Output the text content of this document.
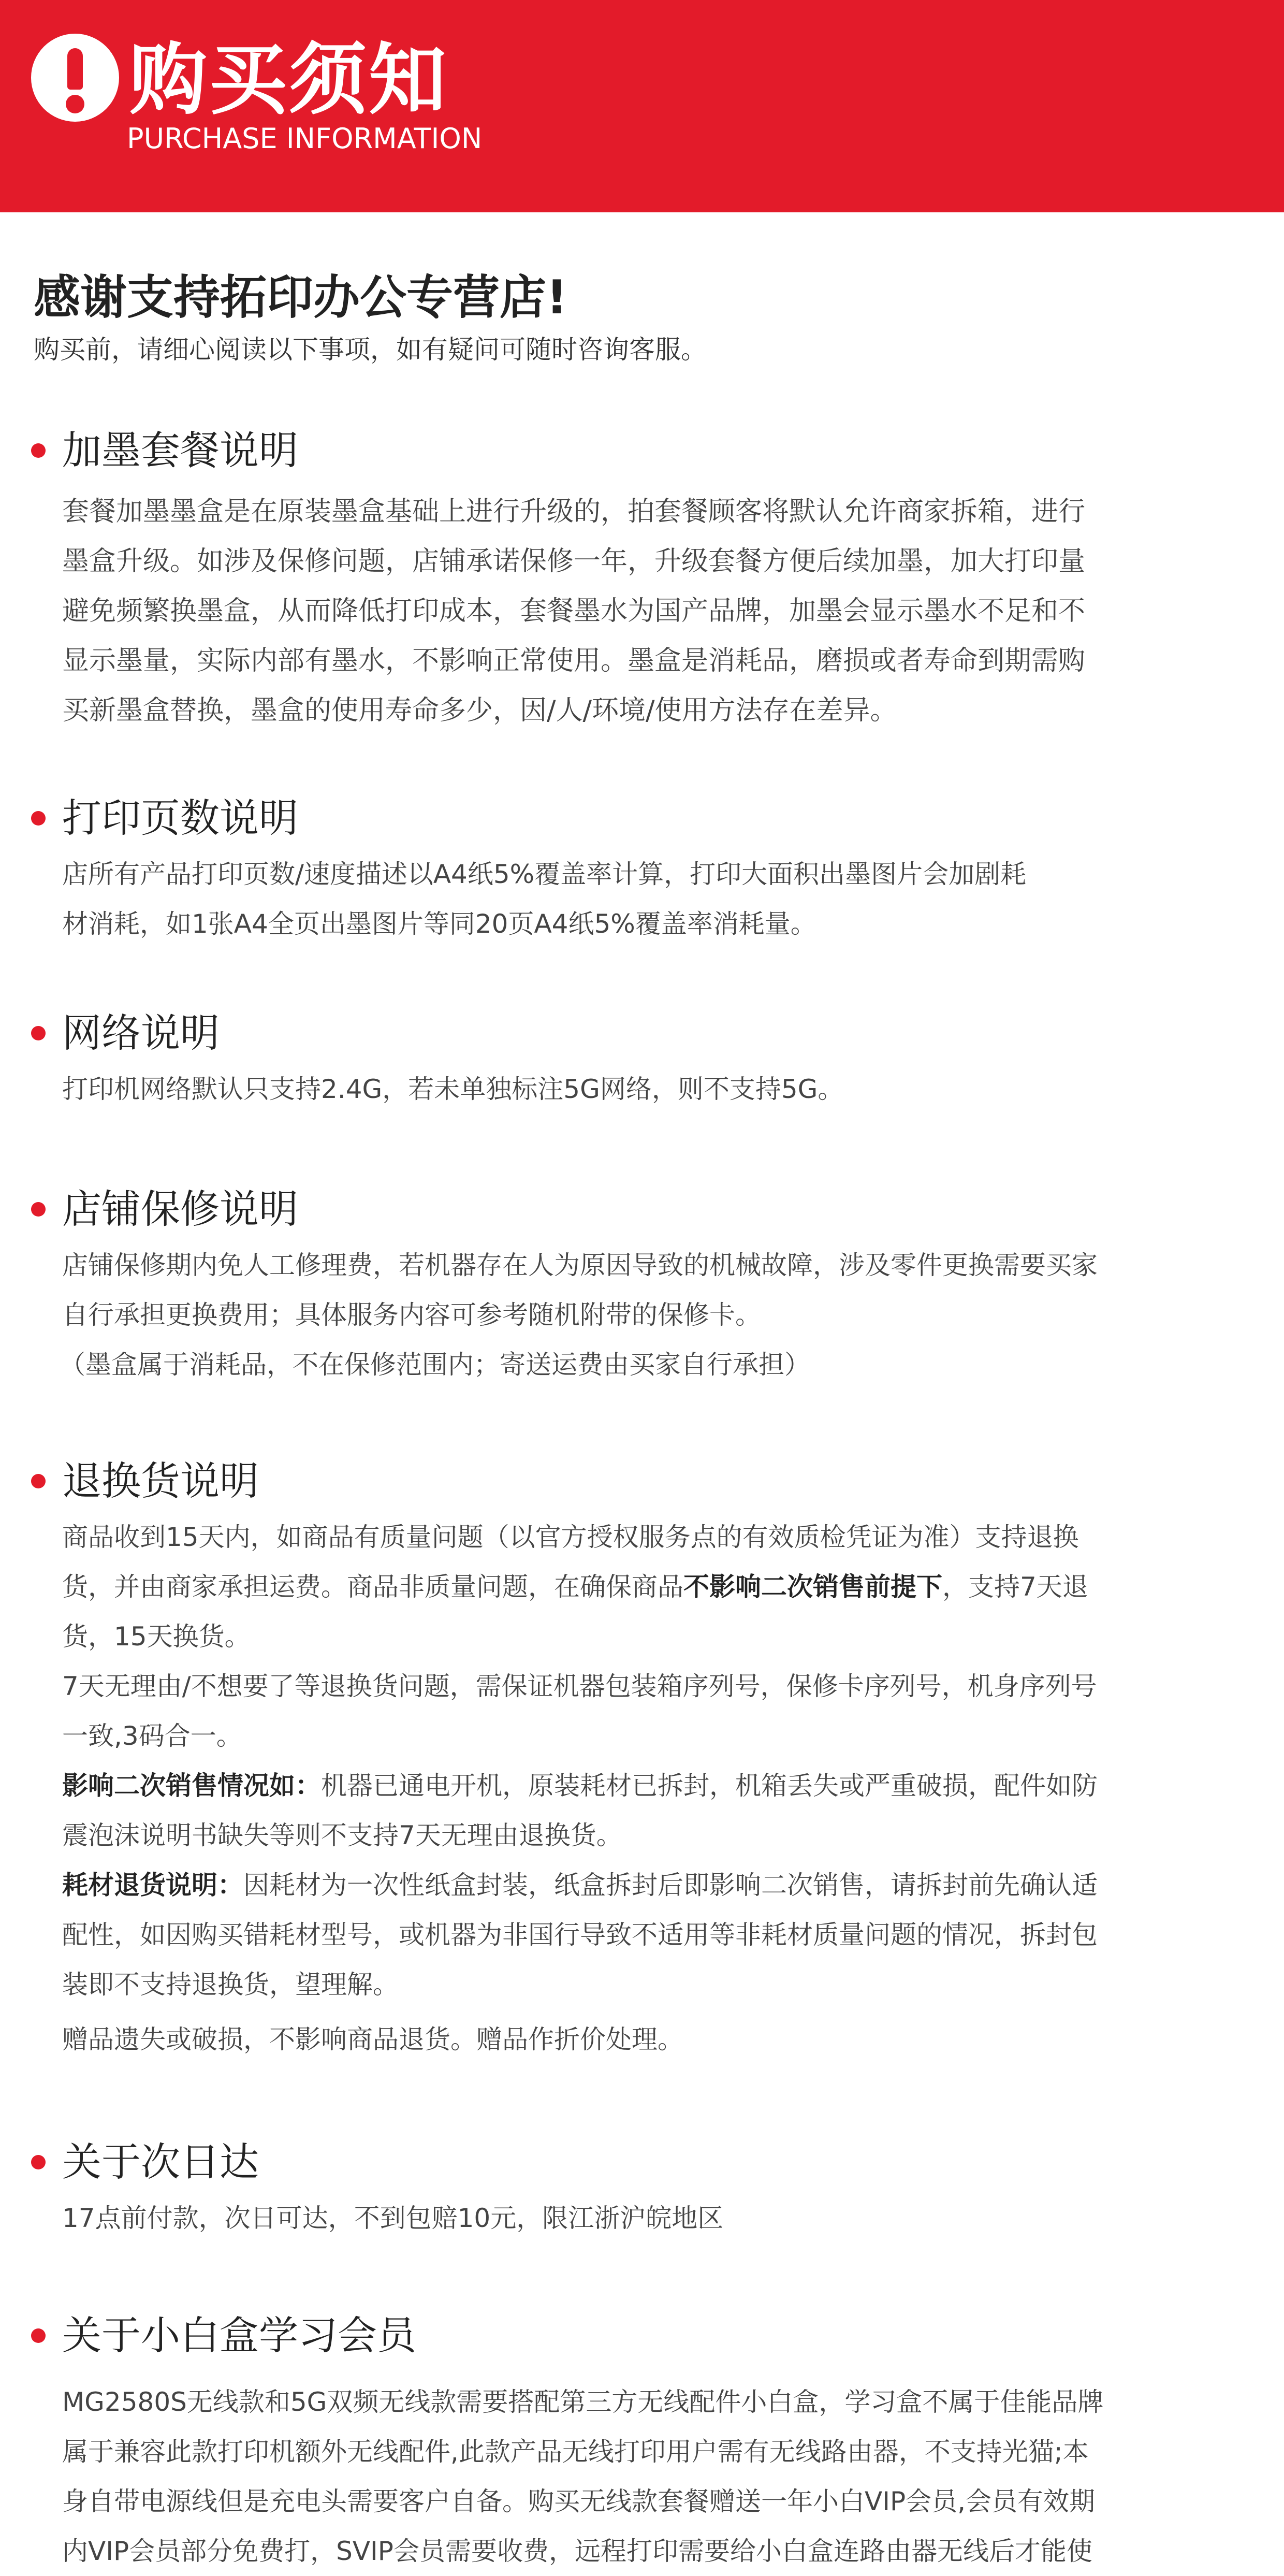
购买须知
PURCHASE INFORMATION
感谢支持拓印办公专营店!
购买前，请细心阅读以下事项，如有疑问可随时咨询客服。
加墨套餐说明
套餐加墨墨盒是在原装墨盒基础上进行升级的，拍套餐顾客将默认允许商家拆箱，进行
墨盒升级。如涉及保修问题，店铺承诺保修一年，升级套餐方便后续加墨，加大打印量
避免频繁换墨盒，从而降低打印成本，套餐墨水为国产品牌，加墨会显示墨水不足和不
显示墨量，实际内部有墨水，不影响正常使用。墨盒是消耗品，磨损或者寿命到期需购
买新墨盒替换，墨盒的使用寿命多少，因/人/环境/使用方法存在差异。
打印页数说明
店所有产品打印页数/速度描述以A4纸5%覆盖率计算，打印大面积出墨图片会加剧耗
材消耗，如1张A4全页出墨图片等同20页A4纸5%覆盖率消耗量。
网络说明
打印机网络默认只支持2.4G，若未单独标注5G网络，则不支持5G。
店铺保修说明
店铺保修期内免人工修理费，若机器存在人为原因导致的机械故障，涉及零件更换需要买家
自行承担更换费用；具体服务内容可参考随机附带的保修卡。
（墨盒属于消耗品，不在保修范围内；寄送运费由买家自行承担）
退换货说明
商品收到15天内，如商品有质量问题（以官方授权服务点的有效质检凭证为准）支持退换
货，并由商家承担运费。商品非质量问题，在确保商品不影响二次销售前提下，支持7天退
货，15天换货。
7天无理由/不想要了等退换货问题，需保证机器包装箱序列号，保修卡序列号，机身序列号
一致,3码合一。
影响二次销售情况如：机器已通电开机，原装耗材已拆封，机箱丢失或严重破损，配件如防
震泡沫说明书缺失等则不支持7天无理由退换货。
耗材退货说明：因耗材为一次性纸盒封装，纸盒拆封后即影响二次销售，请拆封前先确认适
配性，如因购买错耗材型号，或机器为非国行导致不适用等非耗材质量问题的情况，拆封包
装即不支持退换货，望理解。
赠品遗失或破损，不影响商品退货。赠品作折价处理。
关于次日达
17点前付款，次日可达，不到包赔10元，限江浙沪皖地区
关于小白盒学习会员
MG2580S无线款和5G双频无线款需要搭配第三方无线配件小白盒，学习盒不属于佳能品牌
属于兼容此款打印机额外无线配件,此款产品无线打印用户需有无线路由器，不支持光猫;本
身自带电源线但是充电头需要客户自备。购买无线款套餐赠送一年小白VIP会员,会员有效期
内VIP会员部分免费打，SVIP会员需要收费，远程打印需要给小白盒连路由器无线后才能使
